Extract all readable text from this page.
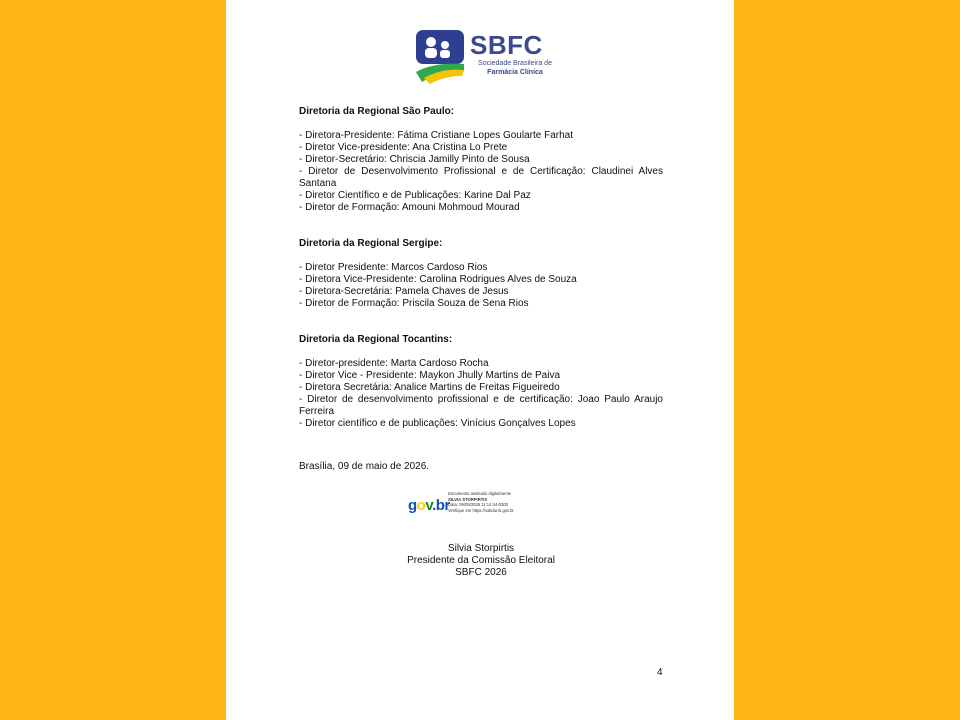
SBFC
Sociedade Brasileira de
Farmácia Clínica

Diretoria da Regional São Paulo:

- Diretora-Presidente: Fátima Cristiane Lopes Goularte Farhat

- Diretor Vice-presidente: Ana Cristina Lo Prete

- Diretor-Secretário: Chriscia Jamilly Pinto de Sousa

- Diretor de Desenvolvimento Profissional e de Certificação: Claudinei Alves Santana

- Diretor Científico e de Publicações: Karine Dal Paz

- Diretor de Formação: Amouni Mohmoud Mourad

Diretoria da Regional Sergipe:

- Diretor Presidente: Marcos Cardoso Rios

- Diretora Vice-Presidente: Carolina Rodrigues Alves de Souza

- Diretora-Secretária: Pamela Chaves de Jesus

- Diretor de Formação: Priscila Souza de Sena Rios

Diretoria da Regional Tocantins:

- Diretor-presidente: Marta Cardoso Rocha

- Diretor Vice - Presidente: Maykon Jhully Martins de Paiva

- Diretora Secretária: Analice Martins de Freitas Figueiredo

- Diretor de desenvolvimento profissional e de certificação: Joao Paulo Araujo Ferreira

- Diretor científico e de publicações: Vinícius Gonçalves Lopes

Brasília, 09 de maio de 2026.
gov.br
Documento assinado digitalmente
SILVIA STORPIRTIS
Data: 09/05/2026 11:14:44-0300
Verifique em https://validar.iti.gov.br
Silvia Storpirtis
Presidente da Comissão Eleitoral
SBFC 2026
4
